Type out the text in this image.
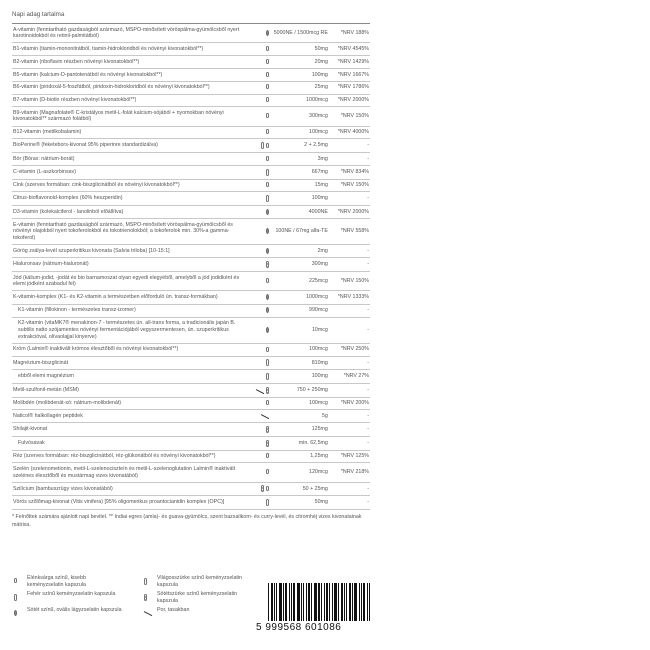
Napi adag tartalma
A-vitamin (fenntartható gazdaságból származó, MSPO-minősített vöröspálma-gyümölcsből nyert karotinoidokból és retinil-palmitátból)		5000NE / 1500mcg RE	*NRV 188%
B1-vitamin (tiamin-mononitrátból, tiamin-hidrokloridból és növényi kivonatokból**)		50mg	*NRV 4545%
B2-vitamin (riboflavin részben növényi kivonatokból**)		20mg	*NRV 1429%
B5-vitamin (kalcium-D-pantotenátból és növényi kivonatokból**)		100mg	*NRV 1667%
B6-vitamin (piridoxál-5-foszfátból, piridoxin-hidrokloridból és növényi kivonatokból**)		25mg	*NRV 1786%
B7-vitamin (D-biotin részben növényi kivonatokból**)		1000mcg	*NRV 2000%
B9-vitamin (Magnafolate® C-kristályos metil-L-folát kalcium-sójából + nyomokban növényi kivonatokból** származó folátból)		300mcg	*NRV 150%
B12-vitamin (metilkobalamin)		100mcg	*NRV 4000%
BioPerine® (feketebors-kivonat 95% piperinre standardizálva)		2 + 2,5mg	-
Bór (Bórax: nátrium-borát)		3mg	-
C-vitamin (L-aszkorbinsav)		667mg	*NRV 834%
Cink (szerves formában: cink-biszglicinátból és növényi kivonatokból**)		15mg	*NRV 150%
Citrus-bioflavonoid-komplex (60% heszperidin)		100mg	-
D3-vitamin (kolekalciferol - lanolinból előállítva)		4000NE	*NRV 2000%
E-vitamin (fenntartható gazdaságból származó, MSPO-minősített vöröspálma-gyümölcsből és növényi olajokból nyert tokoferolokból és tokotrienolokból; a tokoferolok min. 30%-a gamma-tokoferol)		100NE / 67mg alfa-TE	*NRV 558%
Görög zsálya-levél szuperkritikus kivonata (Salvia triloba) [10-15:1]		2mg	-
Hialuronsav (nátrium-hialuronát)		300mg	-
Jód (kálium-jodid, -jodát és bio barnamoszat olyan egyedi elegyéből, amelyből a jód jodidként és elemi jódként szabadul fel)		225mcg	*NRV 150%
K-vitamin-komplex (K1- és K2-vitamin a természetben előforduló ún. transz-formákban)		1000mcg	*NRV 1333%
K1-vitamin (fillokinon - természetes transz-izomer)		990mcg	-
K2-vitamin (vitaMK7® menakinon-7 - természetes ún. all-trans forma, a tradicionális japán B. subtilis natto szójamentes növényi fermentációjából vegyszermentesen, ún. szuperkritikus extrakcióval, olívaolajjal kinyerve)		10mcg	-
Króm (Lalmin® inaktivált krómos élesztőből és növényi kivonatokból**)		100mcg	*NRV 250%
Magnézium-biszglicinát		810mg	-
ebből elemi magnézium		100mg	*NRV 27%
Metil-szulfonil-metán (MSM)		750 + 250mg	-
Molibdén (molibdenát-só: nátrium-molibdenát)		100mcg	*NRV 200%
Naticol® halkollagén peptidek		5g	-
Shilajit-kivonat		125mg	-
Fulvósavak		min. 62,5mg	-
Réz (szerves formában: réz-biszglicinátból, réz-glükonátból és növényi kivonatokból**)		1,25mg	*NRV 125%
Szelén (szelenometionin, metil-L-szelenociszteín és metil-L-szelenoglutation Lalmin® inaktivált szelénes élesztőből és mustármag vizes kivonatából)		120mcg	*NRV 218%
Szilícium (bambuszrügy vizes kivonatából)		50 + 25mg	-
Vörös szőlőmag-kivonat (Vitis vinifera) [95% oligomerikus proantocianidin komplex (OPC)]		50mg	-
* Felnőttek számára ajánlott napi bevitel. ** Indiai egres (amla)- és guava-gyümölcs, szent bazsalikom- és curry-levél, és citromhéj vizes kivonatainak mátrixa.
Élénksárga színű, kisebb keményzselatin kapszula
Világosszürke színű keményzselatin kapszula
Fehér színű keményzselatin kapszula	Sötétszürke színű keményzselatin kapszula
Sötét színű, ovális lágyzselatin kapszula	Por, tasakban
5 999568 601086
